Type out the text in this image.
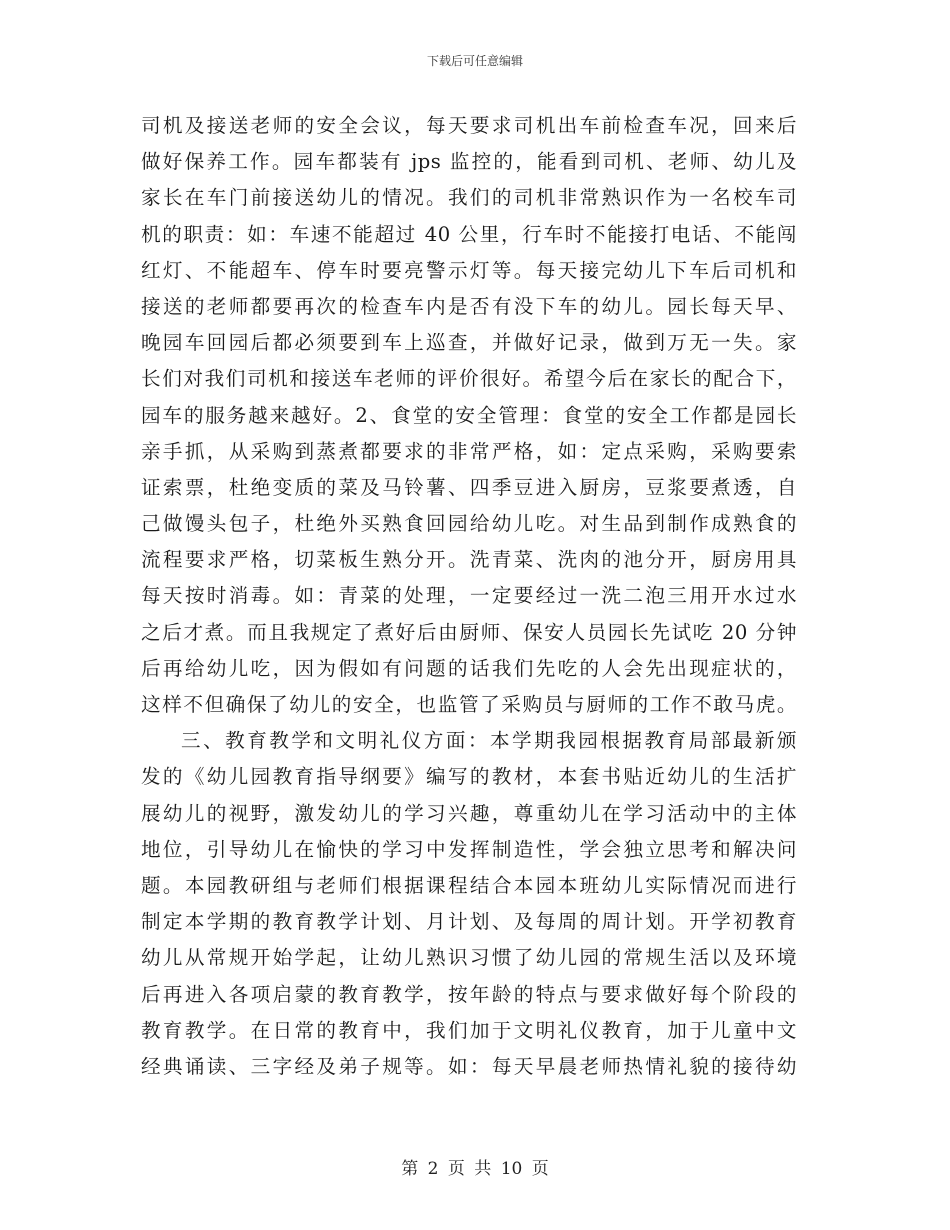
下载后可任意编辑
司机及接送老师的安全会议，每天要求司机出车前检查车况，回来后
做好保养工作。园车都装有 jps 监控的，能看到司机、老师、幼儿及
家长在车门前接送幼儿的情况。我们的司机非常熟识作为一名校车司
机的职责：如：车速不能超过 40 公里，行车时不能接打电话、不能闯
红灯、不能超车、停车时要亮警示灯等。每天接完幼儿下车后司机和
接送的老师都要再次的检查车内是否有没下车的幼儿。园长每天早、
晚园车回园后都必须要到车上巡查，并做好记录，做到万无一失。家
长们对我们司机和接送车老师的评价很好。希望今后在家长的配合下，
园车的服务越来越好。2、食堂的安全管理：食堂的安全工作都是园长
亲手抓，从采购到蒸煮都要求的非常严格，如：定点采购，采购要索
证索票，杜绝变质的菜及马铃薯、四季豆进入厨房，豆浆要煮透，自
己做馒头包子，杜绝外买熟食回园给幼儿吃。对生品到制作成熟食的
流程要求严格，切菜板生熟分开。洗青菜、洗肉的池分开，厨房用具
每天按时消毒。如：青菜的处理，一定要经过一洗二泡三用开水过水
之后才煮。而且我规定了煮好后由厨师、保安人员园长先试吃 20 分钟
后再给幼儿吃，因为假如有问题的话我们先吃的人会先出现症状的，
这样不但确保了幼儿的安全，也监管了采购员与厨师的工作不敢马虎。
三、教育教学和文明礼仪方面：本学期我园根据教育局部最新颁
发的《幼儿园教育指导纲要》编写的教材，本套书贴近幼儿的生活扩
展幼儿的视野，激发幼儿的学习兴趣，尊重幼儿在学习活动中的主体
地位，引导幼儿在愉快的学习中发挥制造性，学会独立思考和解决问
题。本园教研组与老师们根据课程结合本园本班幼儿实际情况而进行
制定本学期的教育教学计划、月计划、及每周的周计划。开学初教育
幼儿从常规开始学起，让幼儿熟识习惯了幼儿园的常规生活以及环境
后再进入各项启蒙的教育教学，按年龄的特点与要求做好每个阶段的
教育教学。在日常的教育中，我们加于文明礼仪教育，加于儿童中文
经典诵读、三字经及弟子规等。如：每天早晨老师热情礼貌的接待幼
第 2 页 共 10 页
